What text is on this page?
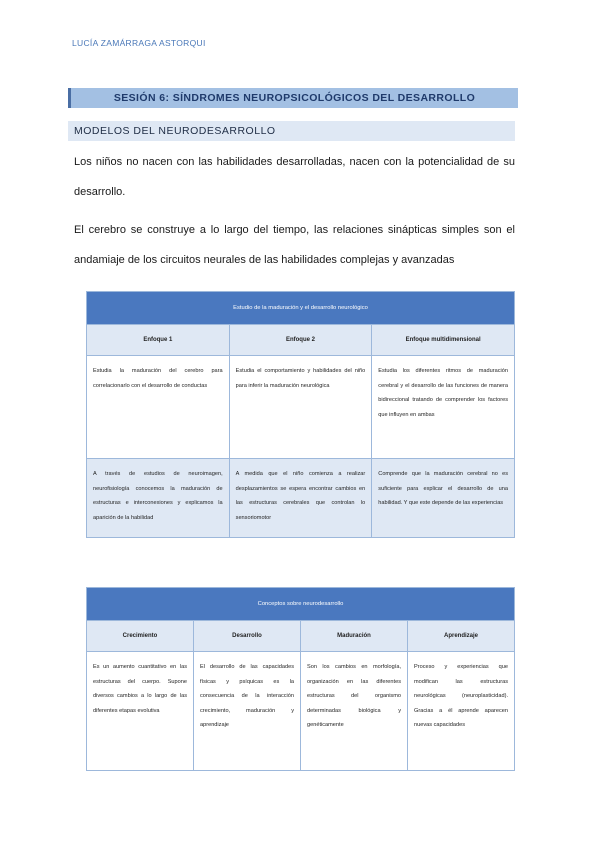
LUCÍA ZAMÁRRAGA ASTORQUI
SESIÓN 6: SÍNDROMES NEUROPSICOLÓGICOS DEL DESARROLLO
MODELOS DEL NEURODESARROLLO
Los niños no nacen con las habilidades desarrolladas, nacen con la potencialidad de su desarrollo.
El cerebro se construye a lo largo del tiempo, las relaciones sinápticas simples son el andamiaje de los circuitos neurales de las habilidades complejas y avanzadas
Estudio de la maduración y el desarrollo neurológico		
Enfoque 1	Enfoque 2	Enfoque multidimensional

Estudia la maduración del cerebro para correlacionarlo con el desarrollo de conductas	Estudia el comportamiento y habilidades del niño para inferir la maduración neurológica	Estudia los diferentes ritmos de maduración cerebral y el desarrollo de las funciones de manera bidireccional tratando de comprender los factores que influyen en ambas

A través de estudios de neuroimagen, neurofisiología conocemos la maduración de estructuras e interconexiones y explicamos la aparición de la habilidad	A medida que el niño comienza a realizar desplazamientos se espera encontrar cambios en las estructuras cerebrales que controlan lo sensoriomotor	Comprende que la maduración cerebral no es suficiente para explicar el desarrollo de una habilidad. Y que este depende de las experiencias
Conceptos sobre neurodesarrollo			
Crecimiento	Desarrollo	Maduración	Aprendizaje

Es un aumento cuantitativo en las estructuras del cuerpo. Supone diversos cambios a lo largo de las diferentes etapas evolutiva	El desarrollo de las capacidades físicas y psíquicas es la consecuencia de la interacción crecimiento, maduración y aprendizaje	Son los cambios en morfología, organización en las diferentes estructuras del organismo determinadas biológica y genéticamente	Proceso y experiencias que modifican las estructuras neurológicas (neuroplasticidad). Gracias a él aprende aparecen nuevas capacidades
